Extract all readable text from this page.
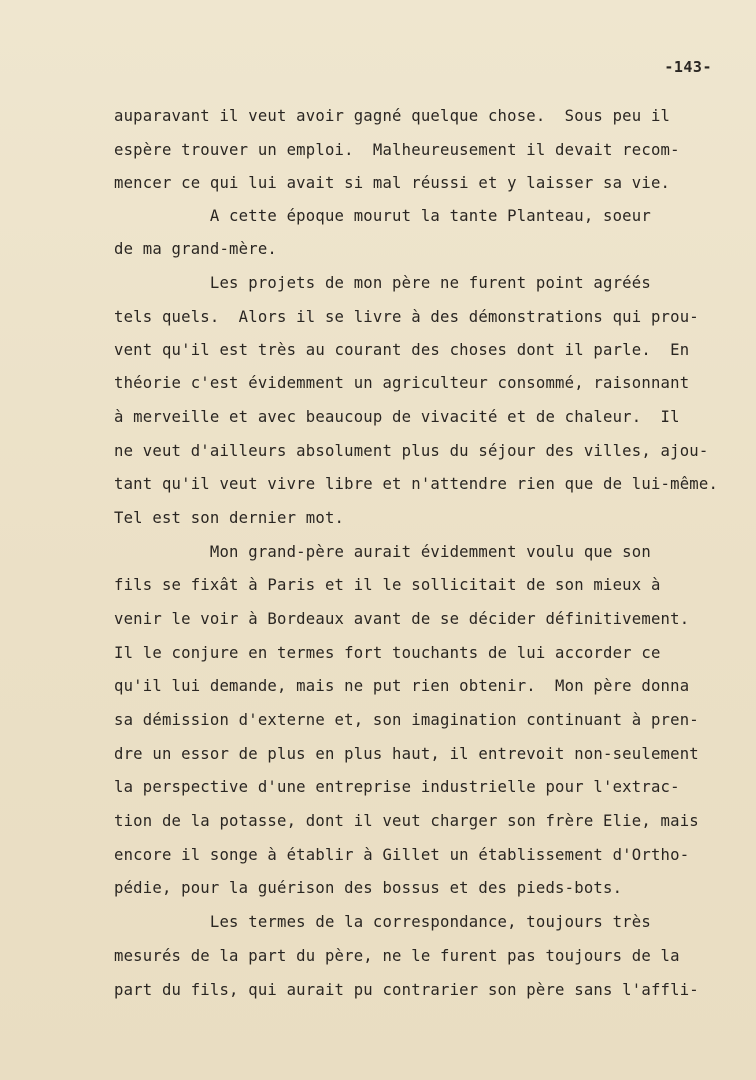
-143-
auparavant il veut avoir gagné quelque chose.  Sous peu il
espère trouver un emploi.  Malheureusement il devait recom-
mencer ce qui lui avait si mal réussi et y laisser sa vie.
A cette époque mourut la tante Planteau, soeur
de ma grand-mère.
Les projets de mon père ne furent point agréés
tels quels.  Alors il se livre à des démonstrations qui prou-
vent qu'il est très au courant des choses dont il parle.  En
théorie c'est évidemment un agriculteur consommé, raisonnant
à merveille et avec beaucoup de vivacité et de chaleur.  Il
ne veut d'ailleurs absolument plus du séjour des villes, ajou-
tant qu'il veut vivre libre et n'attendre rien que de lui-même.
Tel est son dernier mot.
Mon grand-père aurait évidemment voulu que son
fils se fixât à Paris et il le sollicitait de son mieux à
venir le voir à Bordeaux avant de se décider définitivement.
Il le conjure en termes fort touchants de lui accorder ce
qu'il lui demande, mais ne put rien obtenir.  Mon père donna
sa démission d'externe et, son imagination continuant à pren-
dre un essor de plus en plus haut, il entrevoit non-seulement
la perspective d'une entreprise industrielle pour l'extrac-
tion de la potasse, dont il veut charger son frère Elie, mais
encore il songe à établir à Gillet un établissement d'Ortho-
pédie, pour la guérison des bossus et des pieds-bots.
Les termes de la correspondance, toujours très
mesurés de la part du père, ne le furent pas toujours de la
part du fils, qui aurait pu contrarier son père sans l'affli-
